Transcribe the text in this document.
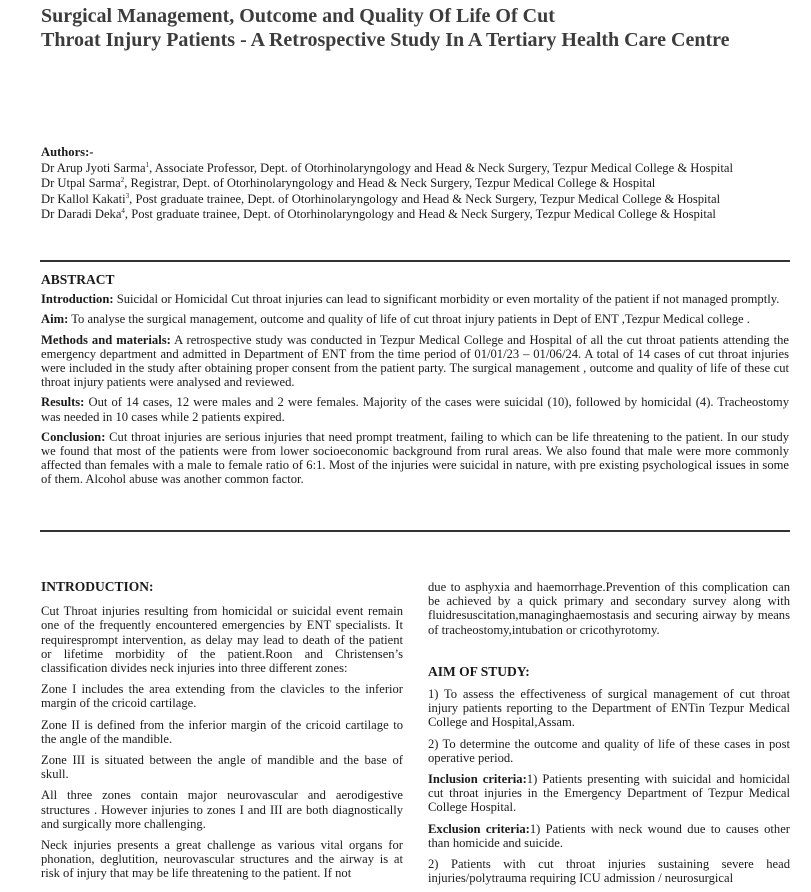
Surgical Management, Outcome and Quality Of Life Of Cut
Throat Injury Patients - A Retrospective Study In A Tertiary Health Care Centre
Authors:-
Dr Arup Jyoti Sarma$^1$, Associate Professor, Dept. of Otorhinolaryngology and Head & Neck Surgery, Tezpur Medical College & Hospital
Dr Utpal Sarma$^2$, Registrar, Dept. of Otorhinolaryngology and Head & Neck Surgery, Tezpur Medical College & Hospital
Dr Kallol Kakati$^3$, Post graduate trainee, Dept. of Otorhinolaryngology and Head & Neck Surgery, Tezpur Medical College & Hospital
Dr Daradi Deka$^4$, Post graduate trainee, Dept. of Otorhinolaryngology and Head & Neck Surgery, Tezpur Medical College & Hospital
ABSTRACT

Introduction: Suicidal or Homicidal Cut throat injuries can lead to significant morbidity or even mortality of the patient if not managed promptly.

Aim: To analyse the surgical management, outcome and quality of life of cut throat injury patients in Dept of ENT ,Tezpur Medical college .

Methods and materials: A retrospective study was conducted in Tezpur Medical College and Hospital of all the cut throat patients attending the emergency department and admitted in Department of ENT from the time period of 01/01/23 – 01/06/24. A total of 14 cases of cut throat injuries were included in the study after obtaining proper consent from the patient party. The surgical management , outcome and quality of life of these cut throat injury patients were analysed and reviewed.

Results: Out of 14 cases, 12 were males and 2 were females. Majority of the cases were suicidal (10), followed by homicidal (4). Tracheostomy was needed in 10 cases while 2 patients expired.

Conclusion: Cut throat injuries are serious injuries that need prompt treatment, failing to which can be life threatening to the patient. In our study we found that most of the patients were from lower socioeconomic background from rural areas. We also found that male were more commonly affected than females with a male to female ratio of 6:1. Most of the injuries were suicidal in nature, with pre existing psychological issues in some of them. Alcohol abuse was another common factor.

INTRODUCTION:

Cut Throat injuries resulting from homicidal or suicidal event remain one of the frequently encountered emergencies by ENT specialists. It requiresprompt intervention, as delay may lead to death of the patient or lifetime morbidity of the patient.Roon and Christensen’s classification divides neck injuries into three different zones:

Zone I includes the area extending from the clavicles to the inferior margin of the cricoid cartilage.

Zone II is defined from the inferior margin of the cricoid cartilage to the angle of the mandible.

Zone III is situated between the angle of mandible and the base of skull.

All three zones contain major neurovascular and aerodigestive structures . However injuries to zones I and III are both diagnostically and surgically more challenging.

Neck injuries presents a great challenge as various vital organs for phonation, deglutition, neurovascular structures and the airway is at risk of injury that may be life threatening to the patient. If not

due to asphyxia and haemorrhage.Prevention of this complication can be achieved by a quick primary and secondary survey along with fluidresuscitation,managinghaemostasis and securing airway by means of tracheostomy,intubation or cricothyrotomy.

AIM OF STUDY:

1) To assess the effectiveness of surgical management of cut throat injury patients reporting to the Department of ENTin Tezpur Medical College and Hospital,Assam.

2) To determine the outcome and quality of life of these cases in post operative period.

Inclusion criteria:1) Patients presenting with suicidal and homicidal cut throat injuries in the Emergency Department of Tezpur Medical College Hospital.

Exclusion criteria:1) Patients with neck wound due to causes other than homicide and suicide.

2) Patients with cut throat injuries sustaining severe head injuries/polytrauma requiring ICU admission / neurosurgical
